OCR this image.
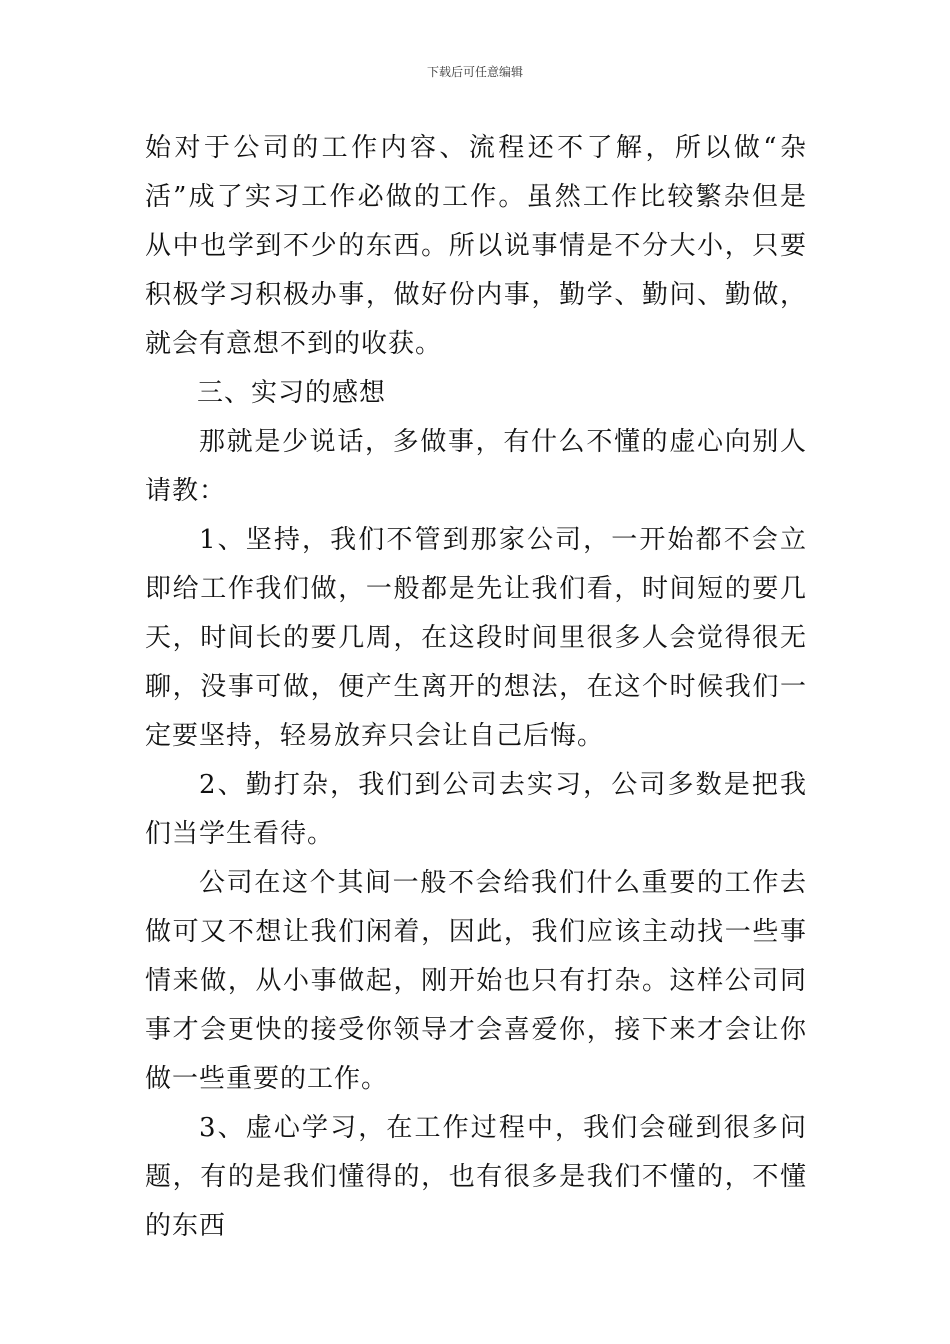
下载后可任意编辑

始对于公司的工作内容、流程还不了解，所以做“杂活”成了实习工作必做的工作。虽然工作比较繁杂但是从中也学到不少的东西。所以说事情是不分大小，只要积极学习积极办事，做好份内事，勤学、勤问、勤做，就会有意想不到的收获。

三、实习的感想

那就是少说话，多做事，有什么不懂的虚心向别人请教：

1、坚持，我们不管到那家公司，一开始都不会立即给工作我们做，一般都是先让我们看，时间短的要几天，时间长的要几周，在这段时间里很多人会觉得很无聊，没事可做，便产生离开的想法，在这个时候我们一定要坚持，轻易放弃只会让自己后悔。

2、勤打杂，我们到公司去实习，公司多数是把我们当学生看待。

公司在这个其间一般不会给我们什么重要的工作去做可又不想让我们闲着，因此，我们应该主动找一些事情来做，从小事做起，刚开始也只有打杂。这样公司同事才会更快的接受你领导才会喜爱你，接下来才会让你做一些重要的工作。

3、虚心学习，在工作过程中，我们会碰到很多问题，有的是我们懂得的，也有很多是我们不懂的，不懂的东西
